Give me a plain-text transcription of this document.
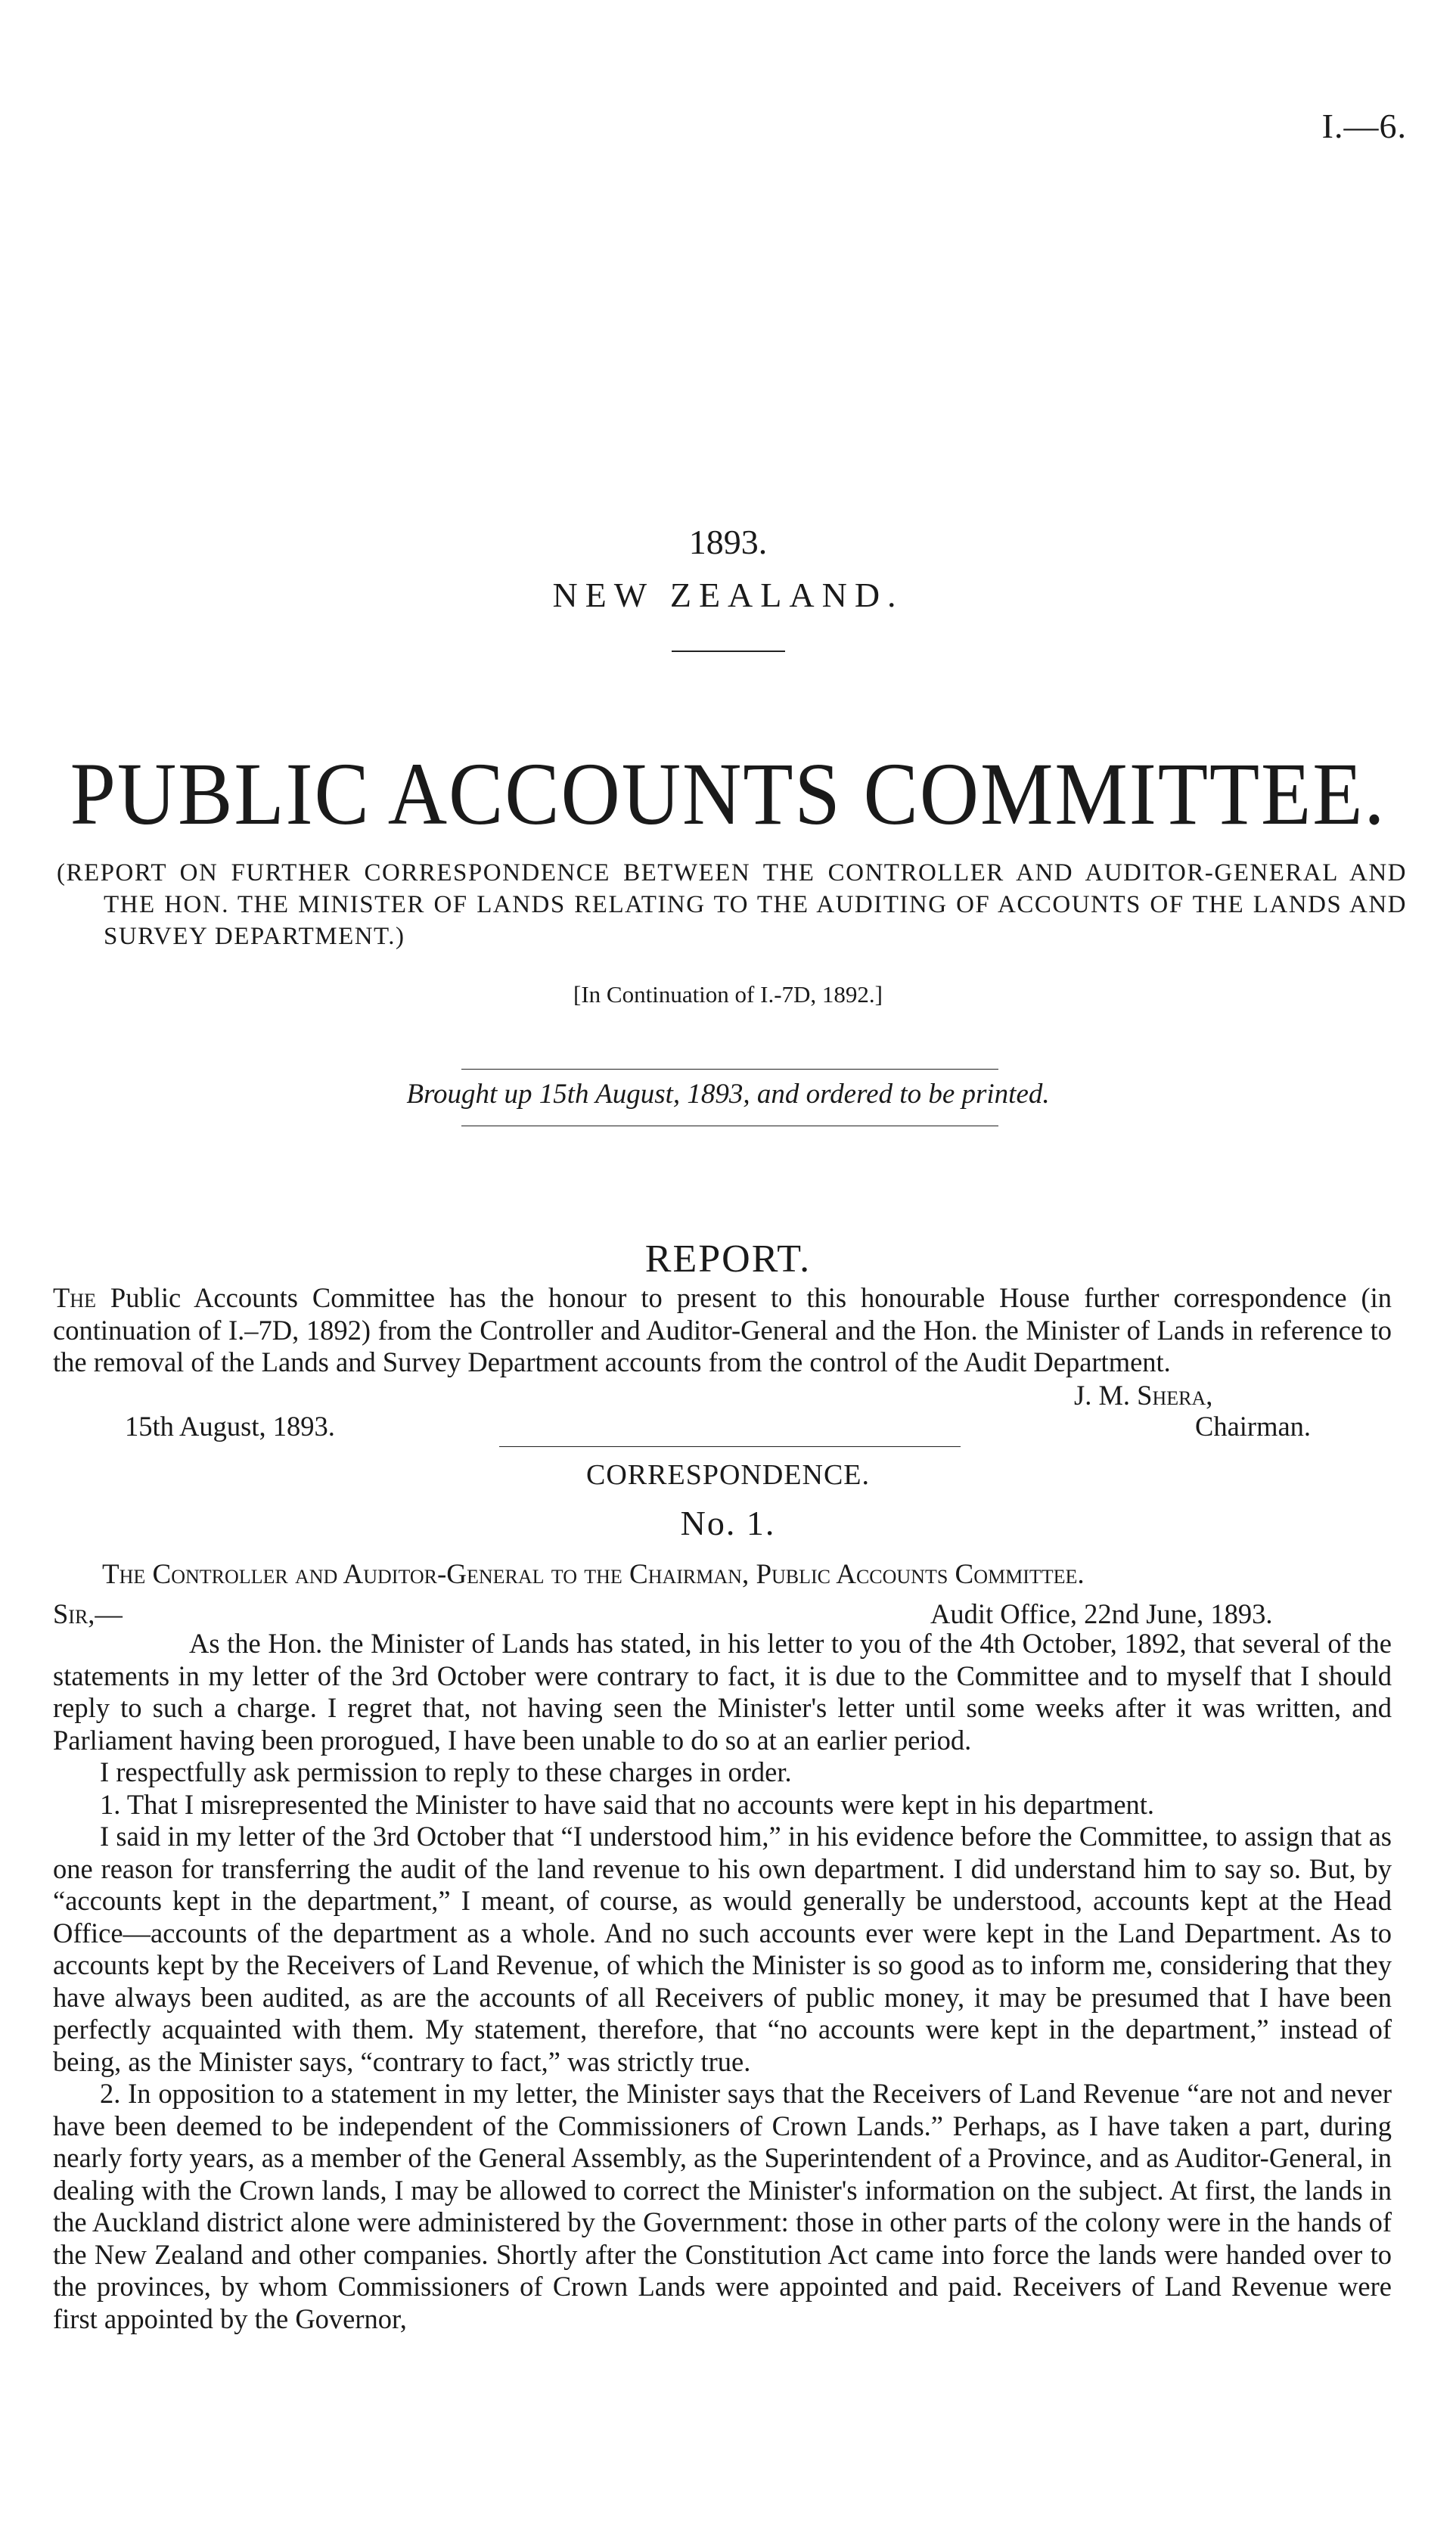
I.—6.
1893.
NEW ZEALAND.
PUBLIC ACCOUNTS COMMITTEE.
(REPORT ON FURTHER CORRESPONDENCE BETWEEN THE CONTROLLER AND AUDITOR-GENERAL AND THE HON. THE MINISTER OF LANDS RELATING TO THE AUDITING OF ACCOUNTS OF THE LANDS AND SURVEY DEPARTMENT.)
[In Continuation of I.-7D, 1892.]
Brought up 15th August, 1893, and ordered to be printed.
REPORT.

The Public Accounts Committee has the honour to present to this honourable House further correspondence (in continuation of I.–7D, 1892) from the Controller and Auditor-General and the Hon. the Minister of Lands in reference to the removal of the Lands and Survey Department accounts from the control of the Audit Department.

J. M. Shera,
15th August, 1893.	Chairman.
CORRESPONDENCE.
No. 1.
The Controller and Auditor-General to the Chairman, Public Accounts Committee.
Sir,—	Audit Office, 22nd June, 1893.

As the Hon. the Minister of Lands has stated, in his letter to you of the 4th October, 1892, that several of the statements in my letter of the 3rd October were contrary to fact, it is due to the Committee and to myself that I should reply to such a charge. I regret that, not having seen the Minister's letter until some weeks after it was written, and Parliament having been prorogued, I have been unable to do so at an earlier period.

I respectfully ask permission to reply to these charges in order.

1. That I misrepresented the Minister to have said that no accounts were kept in his department.

I said in my letter of the 3rd October that “I understood him,” in his evidence before the Committee, to assign that as one reason for transferring the audit of the land revenue to his own department. I did understand him to say so. But, by “accounts kept in the department,” I meant, of course, as would generally be understood, accounts kept at the Head Office—accounts of the department as a whole. And no such accounts ever were kept in the Land Department. As to accounts kept by the Receivers of Land Revenue, of which the Minister is so good as to inform me, considering that they have always been audited, as are the accounts of all Receivers of public money, it may be presumed that I have been perfectly acquainted with them. My statement, therefore, that “no accounts were kept in the department,” instead of being, as the Minister says, “contrary to fact,” was strictly true.

2. In opposition to a statement in my letter, the Minister says that the Receivers of Land Revenue “are not and never have been deemed to be independent of the Commissioners of Crown Lands.” Perhaps, as I have taken a part, during nearly forty years, as a member of the General Assembly, as the Superintendent of a Province, and as Auditor-General, in dealing with the Crown lands, I may be allowed to correct the Minister's information on the subject. At first, the lands in the Auckland district alone were administered by the Government: those in other parts of the colony were in the hands of the New Zealand and other companies. Shortly after the Constitution Act came into force the lands were handed over to the provinces, by whom Commissioners of Crown Lands were appointed and paid. Receivers of Land Revenue were first appointed by the Governor,
